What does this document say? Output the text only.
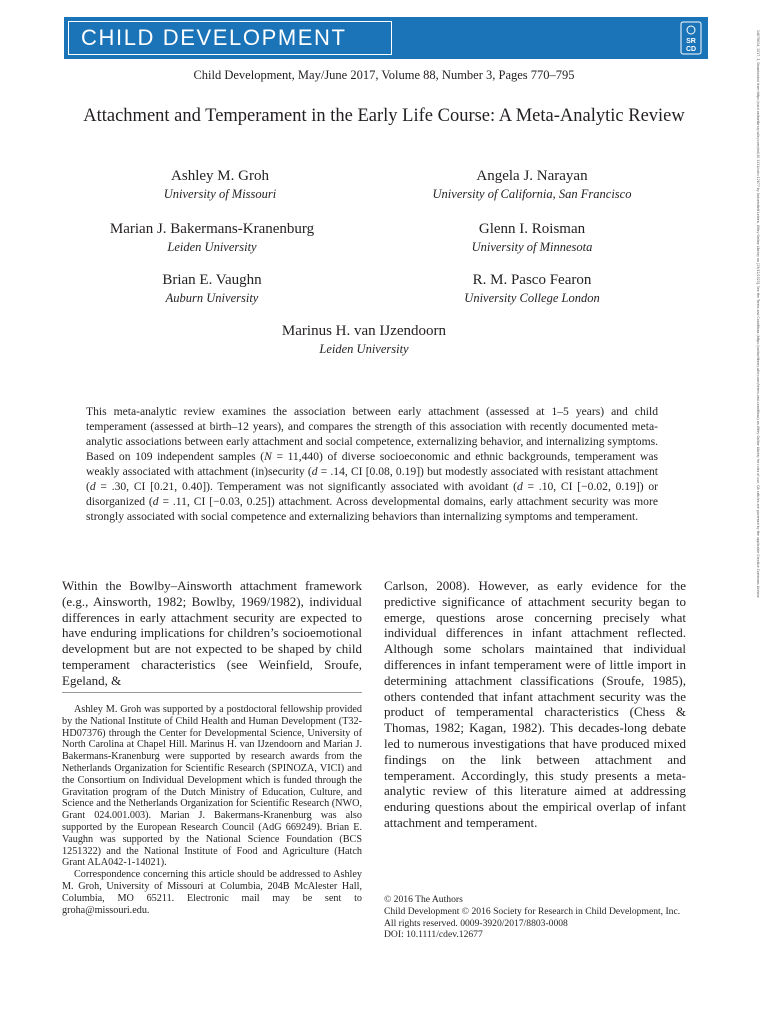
CHILD DEVELOPMENT	SR
CD
Child Development, May/June 2017, Volume 88, Number 3, Pages 770–795
Attachment and Temperament in the Early Life Course: A Meta-Analytic Review
Ashley M. Groh
University of Missouri
Angela J. Narayan
University of California, San Francisco
Marian J. Bakermans-Kranenburg
Leiden University
Glenn I. Roisman
University of Minnesota
Brian E. Vaughn
Auburn University
R. M. Pasco Fearon
University College London
Marinus H. van IJzendoorn
Leiden University
This meta-analytic review examines the association between early attachment (assessed at 1–5 years) and child temperament (assessed at birth–12 years), and compares the strength of this association with recently documented meta-analytic associations between early attachment and social competence, externalizing behavior, and internalizing symptoms. Based on 109 independent samples (N = 11,440) of diverse socioeconomic and ethnic backgrounds, temperament was weakly associated with attachment (in)security (d = .14, CI [0.08, 0.19]) but modestly associated with resistant attachment (d = .30, CI [0.21, 0.40]). Temperament was not significantly associated with avoidant (d = .10, CI [−0.02, 0.19]) or disorganized (d = .11, CI [−0.03, 0.25]) attachment. Across developmental domains, early attachment security was more strongly associated with social competence and externalizing behaviors than internalizing symptoms and temperament.

Within the Bowlby–Ainsworth attachment framework (e.g., Ainsworth, 1982; Bowlby, 1969/1982), individual differences in early attachment security are expected to have enduring implications for children’s socioemotional development but are not expected to be shaped by child temperament characteristics (see Weinfield, Sroufe, Egeland, &

Ashley M. Groh was supported by a postdoctoral fellowship provided by the National Institute of Child Health and Human Development (T32-HD07376) through the Center for Developmental Science, University of North Carolina at Chapel Hill. Marinus H. van IJzendoorn and Marian J. Bakermans-Kranenburg were supported by research awards from the Netherlands Organization for Scientific Research (SPINOZA, VICI) and the Consortium on Individual Development which is funded through the Gravitation program of the Dutch Ministry of Education, Culture, and Science and the Netherlands Organization for Scientific Research (NWO, Grant 024.001.003). Marian J. Bakermans-Kranenburg was also supported by the European Research Council (AdG 669249). Brian E. Vaughn was supported by the National Science Foundation (BCS 1251322) and the National Institute of Food and Agriculture (Hatch Grant ALA042-1-14021).

Correspondence concerning this article should be addressed to Ashley M. Groh, University of Missouri at Columbia, 204B McAlester Hall, Columbia, MO 65211. Electronic mail may be sent to groha@missouri.edu.

Carlson, 2008). However, as early evidence for the predictive significance of attachment security began to emerge, questions arose concerning precisely what individual differences in infant attachment reflected. Although some scholars maintained that individual differences in infant temperament were of little import in determining attachment classifications (Sroufe, 1985), others contended that infant attachment security was the product of temperamental characteristics (Chess & Thomas, 1982; Kagan, 1982). This decades-long debate led to numerous investigations that have produced mixed findings on the link between attachment and temperament. Accordingly, this study presents a meta-analytic review of this literature aimed at addressing enduring questions about the empirical overlap of infant attachment and temperament.

© 2016 The Authors
Child Development © 2016 Society for Research in Child Development, Inc.
All rights reserved. 0009-3920/2017/8803-0008
DOI: 10.1111/cdev.12677
14678624, 2017, 3, Downloaded from https://srcd.onlinelibrary.wiley.com/doi/10.1111/cdev.12677 by Universiteit Leiden, Wiley Online Library on [29/12/2023]. See the Terms and Conditions (https://onlinelibrary.wiley.com/terms-and-conditions) on Wiley Online Library for rules of use; OA articles are governed by the applicable Creative Commons License
